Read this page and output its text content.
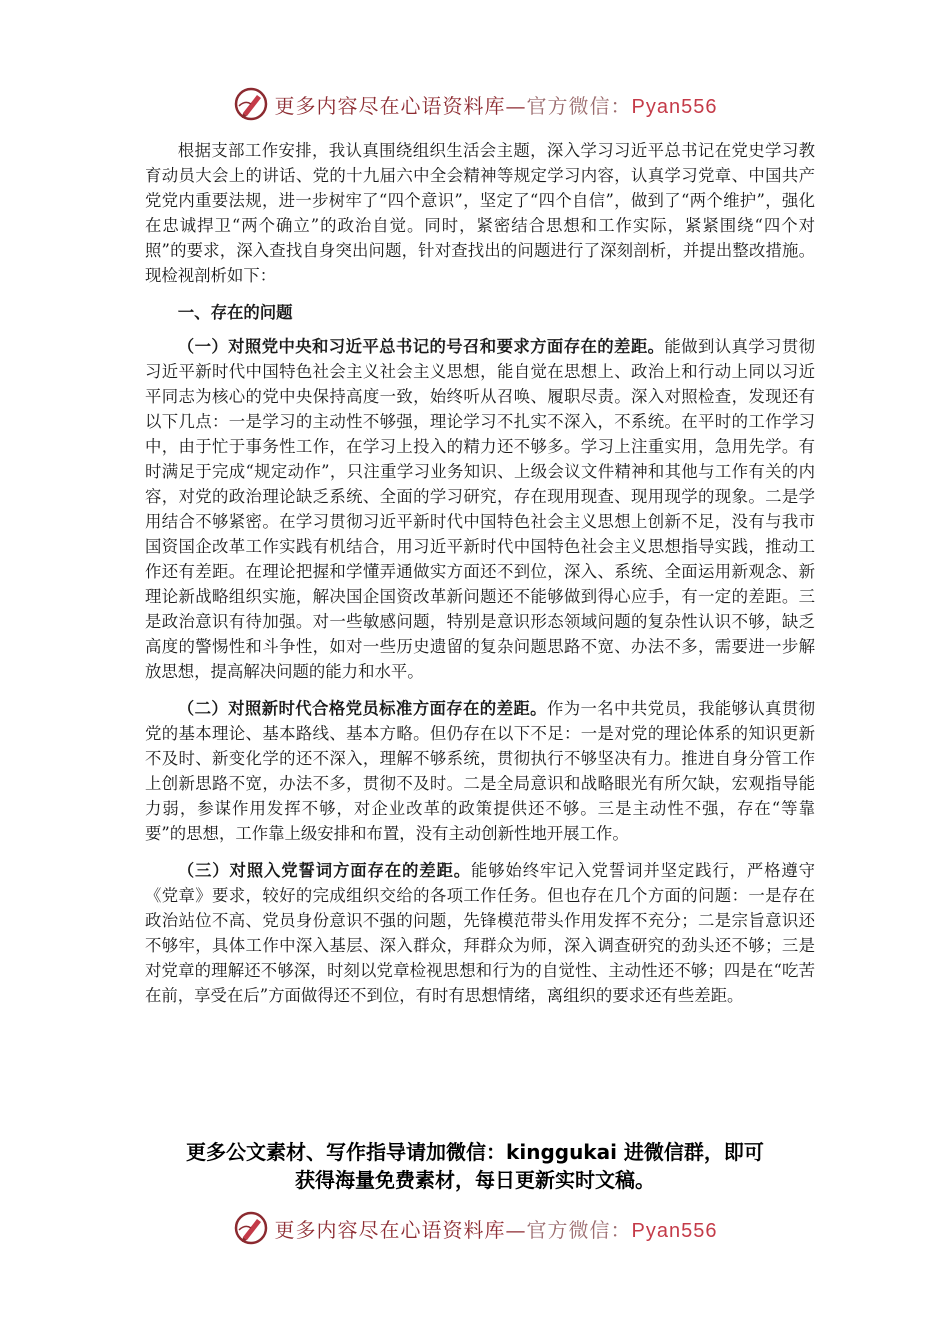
更多内容尽在心语资料库—官方微信：Pyan556

根据支部工作安排，我认真围绕组织生活会主题，深入学习习近平总书记在党史学习教育动员大会上的讲话、党的十九届六中全会精神等规定学习内容，认真学习党章、中国共产党党内重要法规，进一步树牢了“四个意识”，坚定了“四个自信”，做到了“两个维护”，强化在忠诚捍卫“两个确立”的政治自觉。同时，紧密结合思想和工作实际，紧紧围绕“四个对照”的要求，深入查找自身突出问题，针对查找出的问题进行了深刻剖析，并提出整改措施。现检视剖析如下：

一、存在的问题

（一）对照党中央和习近平总书记的号召和要求方面存在的差距。能做到认真学习贯彻习近平新时代中国特色社会主义社会主义思想，能自觉在思想上、政治上和行动上同以习近平同志为核心的党中央保持高度一致，始终听从召唤、履职尽责。深入对照检查，发现还有以下几点：一是学习的主动性不够强，理论学习不扎实不深入，不系统。在平时的工作学习中，由于忙于事务性工作，在学习上投入的精力还不够多。学习上注重实用，急用先学。有时满足于完成“规定动作”，只注重学习业务知识、上级会议文件精神和其他与工作有关的内容，对党的政治理论缺乏系统、全面的学习研究，存在现用现查、现用现学的现象。二是学用结合不够紧密。在学习贯彻习近平新时代中国特色社会主义思想上创新不足，没有与我市国资国企改革工作实践有机结合，用习近平新时代中国特色社会主义思想指导实践，推动工作还有差距。在理论把握和学懂弄通做实方面还不到位，深入、系统、全面运用新观念、新理论新战略组织实施，解决国企国资改革新问题还不能够做到得心应手，有一定的差距。三是政治意识有待加强。对一些敏感问题，特别是意识形态领域问题的复杂性认识不够，缺乏高度的警惕性和斗争性，如对一些历史遗留的复杂问题思路不宽、办法不多，需要进一步解放思想，提高解决问题的能力和水平。

（二）对照新时代合格党员标准方面存在的差距。作为一名中共党员，我能够认真贯彻党的基本理论、基本路线、基本方略。但仍存在以下不足：一是对党的理论体系的知识更新不及时、新变化学的还不深入，理解不够系统，贯彻执行不够坚决有力。推进自身分管工作上创新思路不宽，办法不多，贯彻不及时。二是全局意识和战略眼光有所欠缺，宏观指导能力弱，参谋作用发挥不够，对企业改革的政策提供还不够。三是主动性不强，存在“等靠要”的思想，工作靠上级安排和布置，没有主动创新性地开展工作。

（三）对照入党誓词方面存在的差距。能够始终牢记入党誓词并坚定践行，严格遵守《党章》要求，较好的完成组织交给的各项工作任务。但也存在几个方面的问题：一是存在政治站位不高、党员身份意识不强的问题，先锋模范带头作用发挥不充分；二是宗旨意识还不够牢，具体工作中深入基层、深入群众，拜群众为师，深入调查研究的劲头还不够；三是对党章的理解还不够深，时刻以党章检视思想和行为的自觉性、主动性还不够；四是在“吃苦在前，享受在后”方面做得还不到位，有时有思想情绪，离组织的要求还有些差距。

更多公文素材、写作指导请加微信：kinggukai 进微信群，即可
获得海量免费素材，每日更新实时文稿。
更多内容尽在心语资料库—官方微信：Pyan556
